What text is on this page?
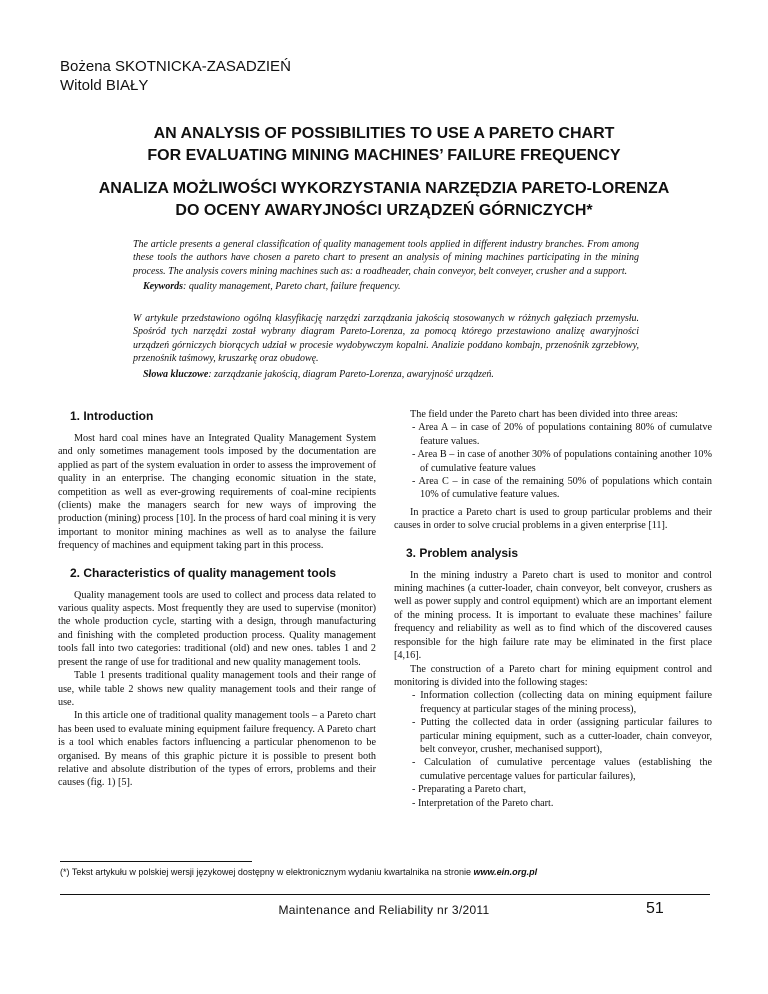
Bożena SKOTNICKA-ZASADZIEŃ
Witold BIAŁY
AN ANALYSIS OF POSSIBILITIES TO USE A PARETO CHART
FOR EVALUATING MINING MACHINES’ FAILURE FREQUENCY
ANALIZA MOŻLIWOŚCI WYKORZYSTANIA NARZĘDZIA PARETO-LORENZA
DO OCENY AWARYJNOŚCI URZĄDZEŃ GÓRNICZYCH*

The article presents a general classification of quality management tools applied in different industry branches. From among these tools the authors have chosen a pareto chart to present an analysis of mining machines participating in the mining process. The analysis covers mining machines such as: a roadheader, chain conveyor, belt conveyer, crusher and a support.

Keywords: quality management, Pareto chart, failure frequency.

W artykule przedstawiono ogólną klasyfikację narzędzi zarządzania jakością stosowanych w różnych gałęziach przemysłu. Spośród tych narzędzi został wybrany diagram Pareto-Lorenza, za pomocą którego przestawiono analizę awaryjności urządzeń górniczych biorących udział w procesie wydobywczym kopalni. Analizie poddano kombajn, przenośnik zgrzebłowy, przenośnik taśmowy, kruszarkę oraz obudowę.

Słowa kluczowe: zarządzanie jakością, diagram Pareto-Lorenza, awaryjność urządzeń.

1. Introduction

Most hard coal mines have an Integrated Quality Management System and only sometimes management tools imposed by the documentation are applied as part of the system evaluation in order to assess the improvement of quality in an enterprise. The changing economic situation in the state, competition as well as ever-growing requirements of coal-mine recipients (clients) make the managers search for new ways of improving the production (mining) process [10]. In the process of hard coal mining it is very important to monitor mining machines as well as to analyse the failure frequency of machines and equipment taking part in this process.

2. Characteristics of quality management tools

Quality management tools are used to collect and process data related to various quality aspects. Most frequently they are used to supervise (monitor) the whole production cycle, starting with a design, through manufacturing and finishing with the completed production process. Quality management tools fall into two categories: traditional (old) and new ones. tables 1 and 2 present the range of use for traditional and new quality management tools.

Table 1 presents traditional quality management tools and their range of use, while table 2 shows new quality management tools and their range of use.

In this article one of traditional quality management tools – a Pareto chart has been used to evaluate mining equipment failure frequency. A Pareto chart is a tool which enables factors influencing a particular phenomenon to be organised. By means of this graphic picture it is possible to present both relative and absolute distribution of the types of errors, problems and their causes (fig. 1) [5].

The field under the Pareto chart has been divided into three areas:

- Area A – in case of 20% of populations containing 80% of cumulatve feature values.

- Area B – in case of another 30% of populations containing another 10% of cumulative feature values

- Area C – in case of the remaining 50% of populations which contain 10% of cumulative feature values.

In practice a Pareto chart is used to group particular problems and their causes in order to solve crucial problems in a given enterprise [11].

3. Problem analysis

In the mining industry a Pareto chart is used to monitor and control mining machines (a cutter-loader, chain conveyor, belt conveyor, crushers as well as power supply and control equipment) which are an important element of the mining process. It is important to evaluate these machines’ failure frequency and reliability as well as to find which of the discovered causes responsible for the high failure rate may be eliminated in the first place [4,16].

The construction of a Pareto chart for mining equipment control and monitoring is divided into the following stages:

- Information collection (collecting data on mining equipment failure frequency at particular stages of the mining process),

- Putting the collected data in order (assigning particular failures to particular mining equipment, such as a cutter-loader, chain conveyor, belt conveyor, crusher, mechanised support),

- Calculation of cumulative percentage values (establishing the cumulative percentage values for particular failures),

- Preparating a Pareto chart,

- Interpretation of the Pareto chart.

(*) Tekst artykułu w polskiej wersji językowej dostępny w elektronicznym wydaniu kwartalnika na stronie www.ein.org.pl
Maintenance and Reliability nr 3/2011	51
